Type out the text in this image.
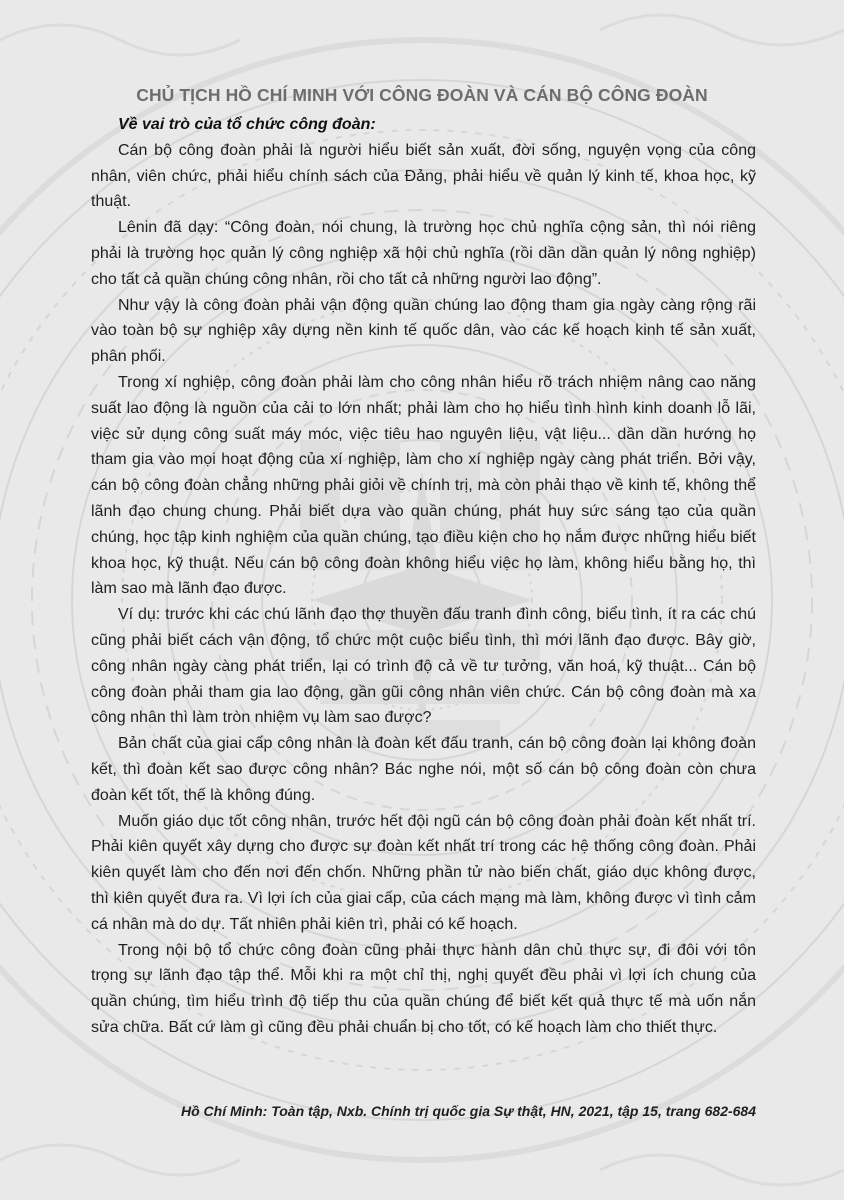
CHỦ TỊCH HỒ CHÍ MINH VỚI CÔNG ĐOÀN VÀ CÁN BỘ CÔNG ĐOÀN

Về vai trò của tổ chức công đoàn:

Cán bộ công đoàn phải là người hiểu biết sản xuất, đời sống, nguyện vọng của công nhân, viên chức, phải hiểu chính sách của Đảng, phải hiểu về quản lý kinh tế, khoa học, kỹ thuật.

Lênin đã dạy: “Công đoàn, nói chung, là trường học chủ nghĩa cộng sản, thì nói riêng phải là trường học quản lý công nghiệp xã hội chủ nghĩa (rồi dần dần quản lý nông nghiệp) cho tất cả quần chúng công nhân, rồi cho tất cả những người lao động”.

Như vậy là công đoàn phải vận động quần chúng lao động tham gia ngày càng rộng rãi vào toàn bộ sự nghiệp xây dựng nền kinh tế quốc dân, vào các kế hoạch kinh tế sản xuất, phân phối.

Trong xí nghiệp, công đoàn phải làm cho công nhân hiểu rõ trách nhiệm nâng cao năng suất lao động là nguồn của cải to lớn nhất; phải làm cho họ hiểu tình hình kinh doanh lỗ lãi, việc sử dụng công suất máy móc, việc tiêu hao nguyên liệu, vật liệu... dần dần hướng họ tham gia vào mọi hoạt động của xí nghiệp, làm cho xí nghiệp ngày càng phát triển. Bởi vậy, cán bộ công đoàn chẳng những phải giỏi về chính trị, mà còn phải thạo về kinh tế, không thể lãnh đạo chung chung. Phải biết dựa vào quần chúng, phát huy sức sáng tạo của quần chúng, học tập kinh nghiệm của quần chúng, tạo điều kiện cho họ nắm được những hiểu biết khoa học, kỹ thuật. Nếu cán bộ công đoàn không hiểu việc họ làm, không hiểu bằng họ, thì làm sao mà lãnh đạo được.

Ví dụ: trước khi các chú lãnh đạo thợ thuyền đấu tranh đình công, biểu tình, ít ra các chú cũng phải biết cách vận động, tổ chức một cuộc biểu tình, thì mới lãnh đạo được. Bây giờ, công nhân ngày càng phát triển, lại có trình độ cả về tư tưởng, văn hoá, kỹ thuật... Cán bộ công đoàn phải tham gia lao động, gần gũi công nhân viên chức. Cán bộ công đoàn mà xa công nhân thì làm tròn nhiệm vụ làm sao được?

Bản chất của giai cấp công nhân là đoàn kết đấu tranh, cán bộ công đoàn lại không đoàn kết, thì đoàn kết sao được công nhân? Bác nghe nói, một số cán bộ công đoàn còn chưa đoàn kết tốt, thế là không đúng.

Muốn giáo dục tốt công nhân, trước hết đội ngũ cán bộ công đoàn phải đoàn kết nhất trí. Phải kiên quyết xây dựng cho được sự đoàn kết nhất trí trong các hệ thống công đoàn. Phải kiên quyết làm cho đến nơi đến chốn. Những phần tử nào biến chất, giáo dục không được, thì kiên quyết đưa ra. Vì lợi ích của giai cấp, của cách mạng mà làm, không được vì tình cảm cá nhân mà do dự. Tất nhiên phải kiên trì, phải có kế hoạch.

Trong nội bộ tổ chức công đoàn cũng phải thực hành dân chủ thực sự, đi đôi với tôn trọng sự lãnh đạo tập thể. Mỗi khi ra một chỉ thị, nghị quyết đều phải vì lợi ích chung của quần chúng, tìm hiểu trình độ tiếp thu của quần chúng để biết kết quả thực tế mà uốn nắn sửa chữa. Bất cứ làm gì cũng đều phải chuẩn bị cho tốt, có kế hoạch làm cho thiết thực.

Hồ Chí Minh: Toàn tập, Nxb. Chính trị quốc gia Sự thật, HN, 2021, tập 15, trang 682-684
